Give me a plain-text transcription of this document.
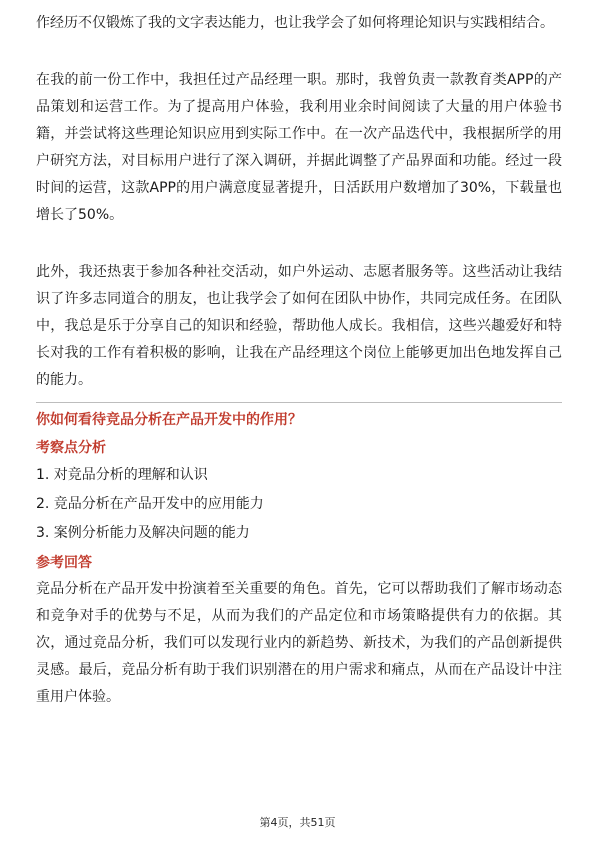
作经历不仅锻炼了我的文字表达能力，也让我学会了如何将理论知识与实践相结合。

在我的前一份工作中，我担任过产品经理一职。那时，我曾负责一款教育类APP的产品策划和运营工作。为了提高用户体验，我利用业余时间阅读了大量的用户体验书籍，并尝试将这些理论知识应用到实际工作中。在一次产品迭代中，我根据所学的用户研究方法，对目标用户进行了深入调研，并据此调整了产品界面和功能。经过一段时间的运营，这款APP的用户满意度显著提升，日活跃用户数增加了30%，下载量也增长了50%。

此外，我还热衷于参加各种社交活动，如户外运动、志愿者服务等。这些活动让我结识了许多志同道合的朋友，也让我学会了如何在团队中协作，共同完成任务。在团队中，我总是乐于分享自己的知识和经验，帮助他人成长。我相信，这些兴趣爱好和特长对我的工作有着积极的影响，让我在产品经理这个岗位上能够更加出色地发挥自己的能力。

你如何看待竞品分析在产品开发中的作用？

考察点分析

1. 对竞品分析的理解和认识

2. 竞品分析在产品开发中的应用能力

3. 案例分析能力及解决问题的能力

参考回答

竞品分析在产品开发中扮演着至关重要的角色。首先，它可以帮助我们了解市场动态和竞争对手的优势与不足，从而为我们的产品定位和市场策略提供有力的依据。其次，通过竞品分析，我们可以发现行业内的新趋势、新技术，为我们的产品创新提供灵感。最后，竞品分析有助于我们识别潜在的用户需求和痛点，从而在产品设计中注重用户体验。

第4页，共51页
